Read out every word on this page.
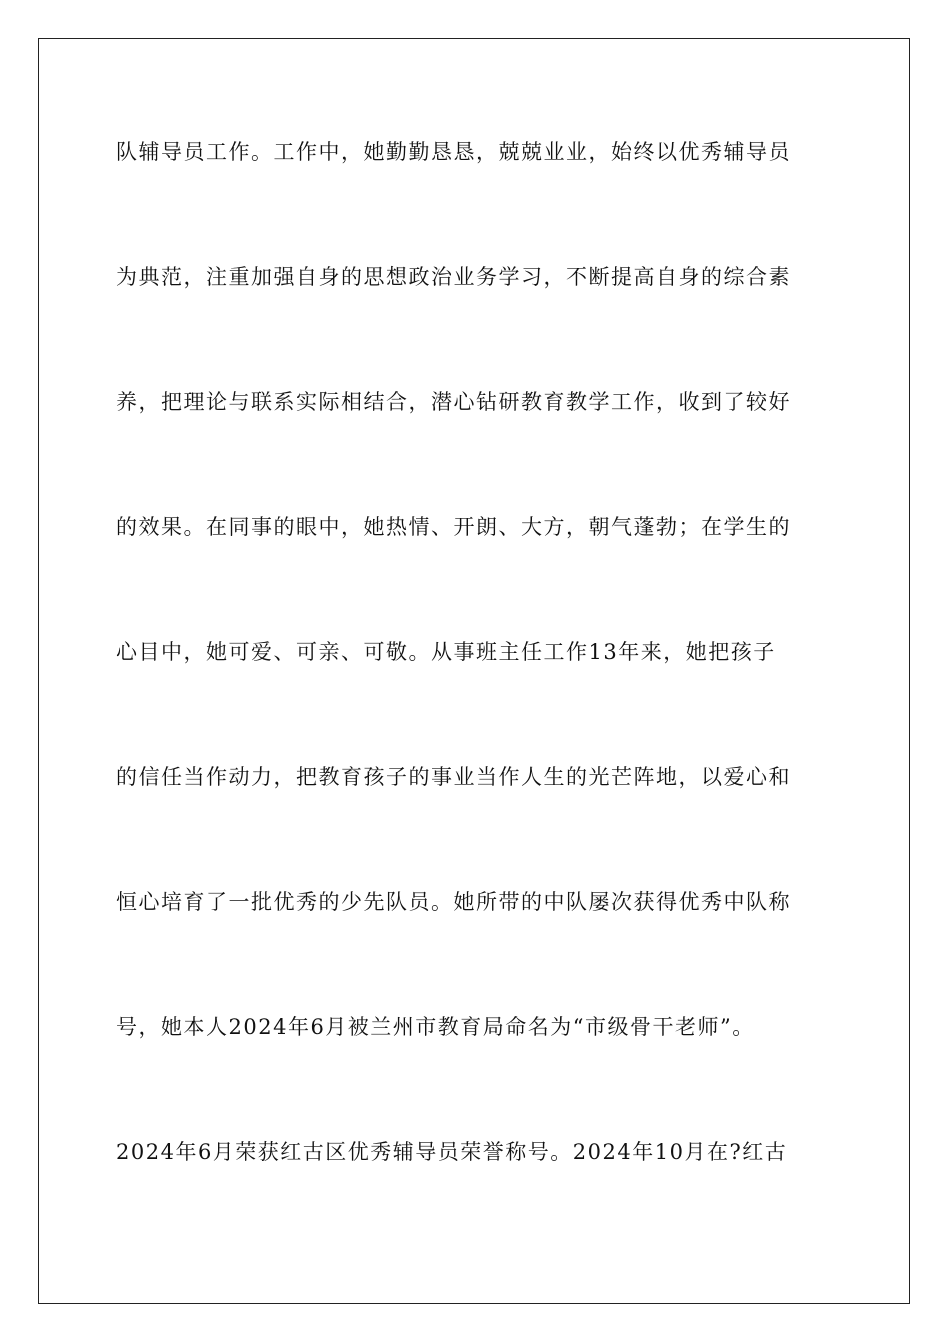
队辅导员工作。工作中，她勤勤恳恳，兢兢业业，始终以优秀辅导员
为典范，注重加强自身的思想政治业务学习，不断提高自身的综合素
养，把理论与联系实际相结合，潜心钻研教育教学工作，收到了较好
的效果。在同事的眼中，她热情、开朗、大方，朝气蓬勃；在学生的
心目中，她可爱、可亲、可敬。从事班主任工作13年来，她把孩子
的信任当作动力，把教育孩子的事业当作人生的光芒阵地，以爱心和
恒心培育了一批优秀的少先队员。她所带的中队屡次获得优秀中队称
号，她本人2024年6月被兰州市教育局命名为“市级骨干老师”。
2024年6月荣获红古区优秀辅导员荣誉称号。2024年10月在?红古
